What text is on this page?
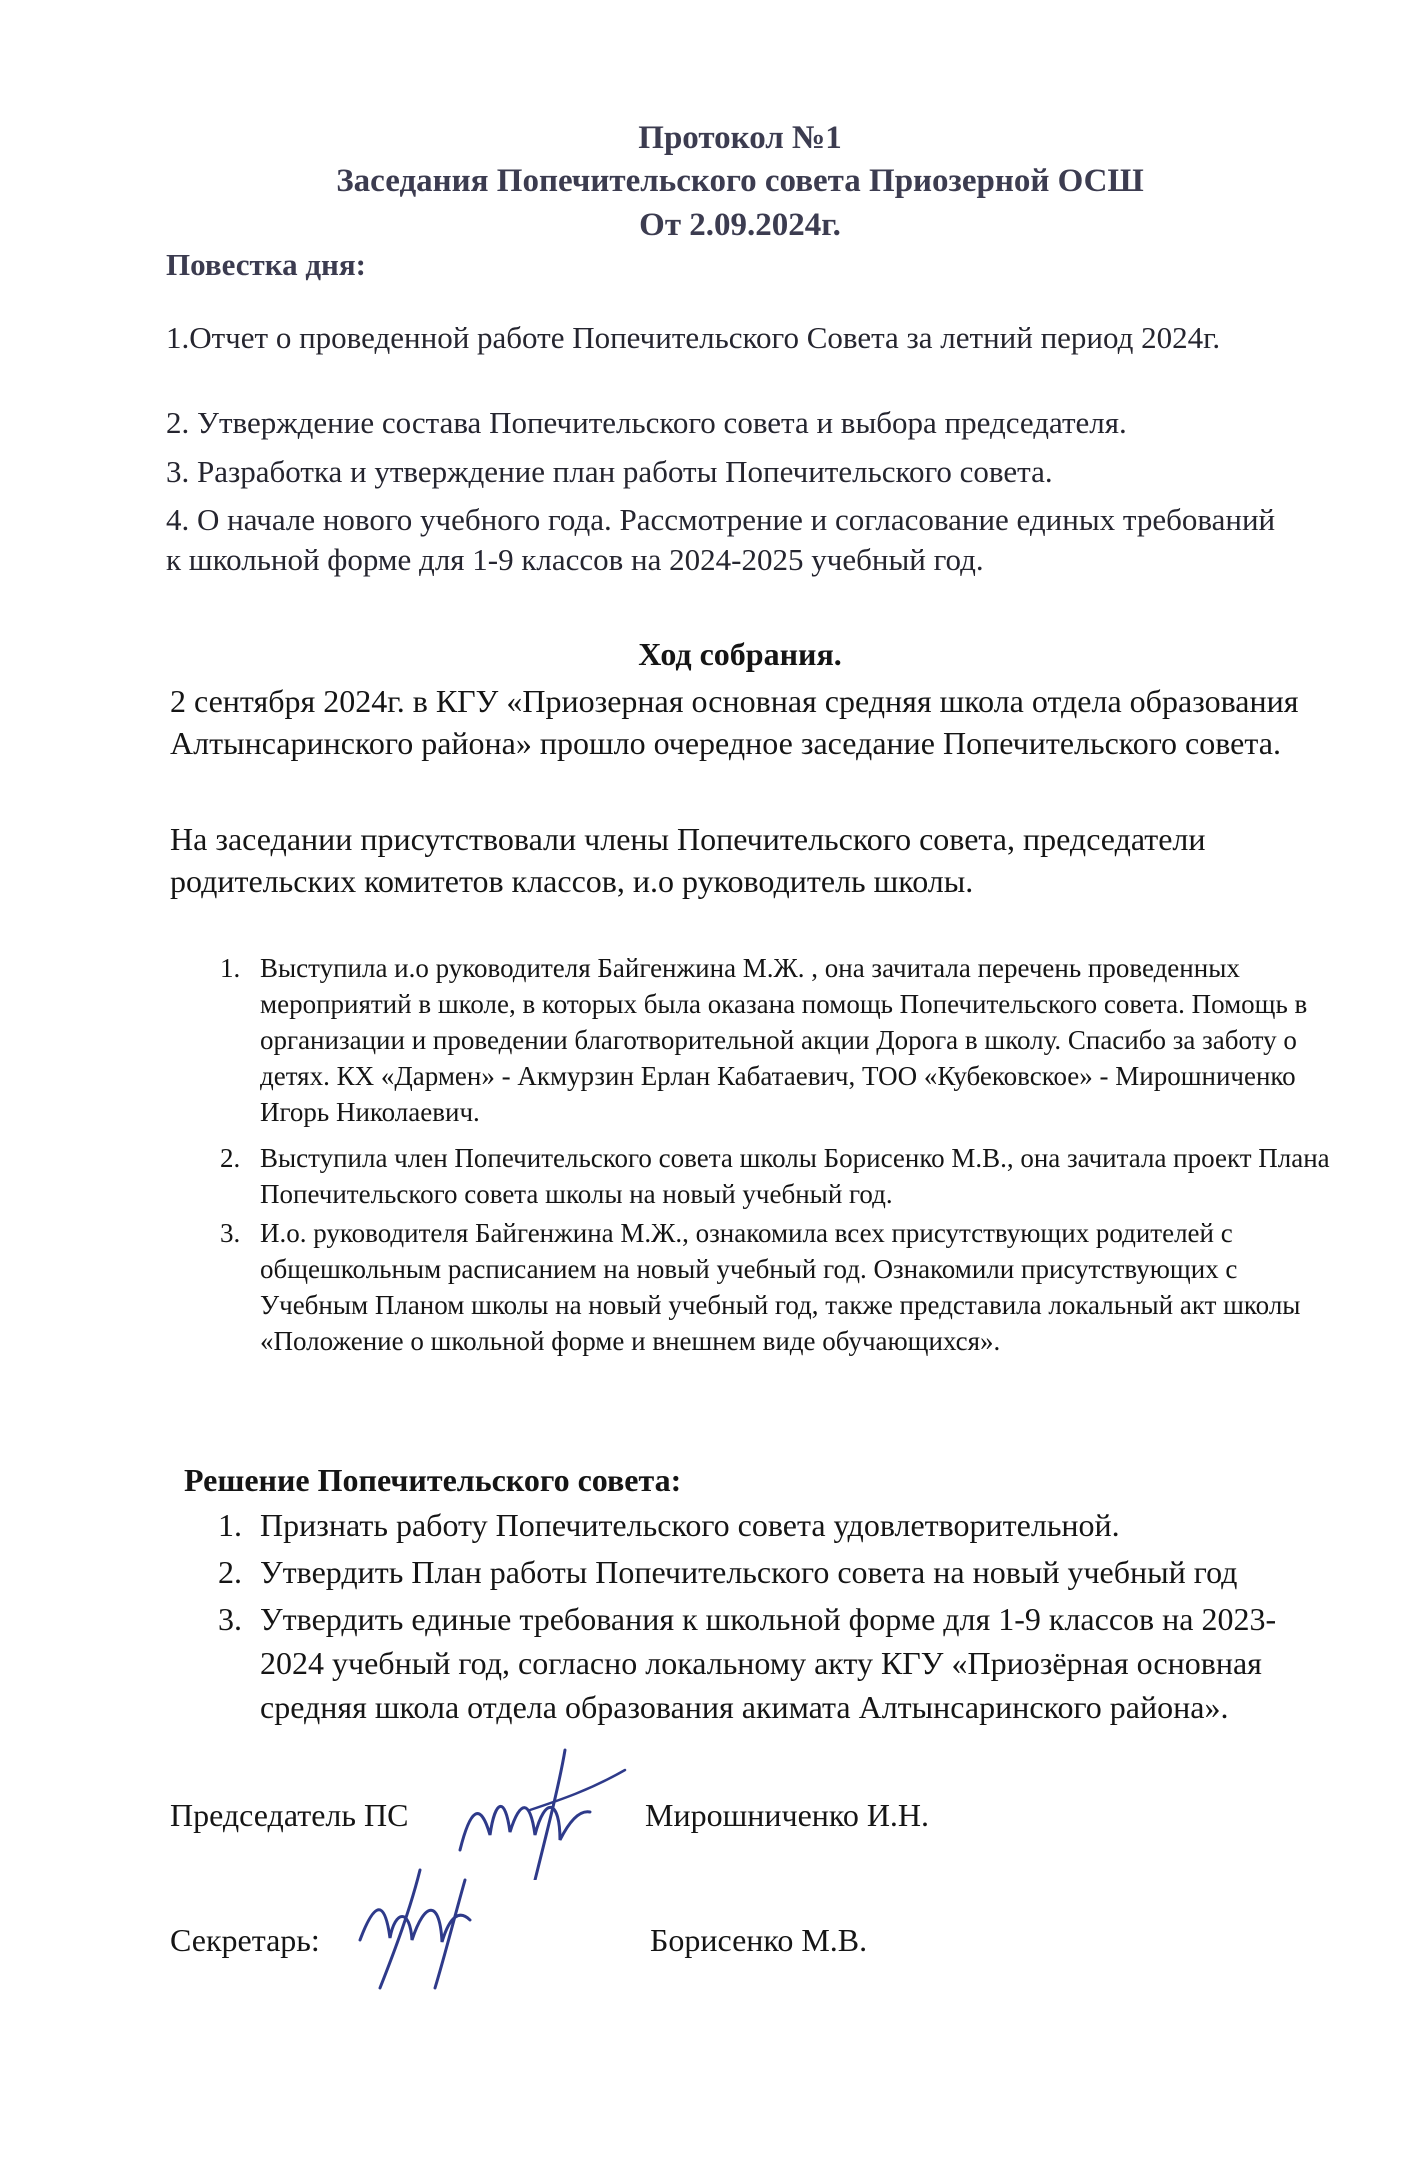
Протокол №1
Заседания Попечительского совета Приозерной ОСШ
От 2.09.2024г.
Повестка дня:
1.Отчет о проведенной работе Попечительского Совета за летний период 2024г.
2. Утверждение состава Попечительского совета и выбора председателя.
3. Разработка и утверждение план работы Попечительского совета.
4. О начале нового учебного года. Рассмотрение и согласование единых требований к школьной форме для 1-9 классов на 2024-2025 учебный год.
Ход собрания.
2 сентября 2024г. в КГУ «Приозерная основная средняя школа отдела образования Алтынсаринского района» прошло очередное заседание Попечительского совета.
На заседании присутствовали члены Попечительского совета, председатели родительских комитетов классов, и.о руководитель школы.
1. Выступила и.о руководителя Байгенжина М.Ж. , она зачитала перечень проведенных мероприятий в школе, в которых была оказана помощь Попечительского совета. Помощь в организации и проведении благотворительной акции Дорога в школу. Спасибо за заботу о детях. КХ «Дармен» - Акмурзин Ерлан Кабатаевич, ТОО «Кубековское» - Мирошниченко Игорь Николаевич.
2. Выступила член Попечительского совета школы Борисенко М.В., она зачитала проект Плана Попечительского совета школы на новый учебный год.
3. И.о. руководителя Байгенжина М.Ж., ознакомила всех присутствующих родителей с общешкольным расписанием на новый учебный год. Ознакомили присутствующих с Учебным Планом школы на новый учебный год, также представила локальный акт школы «Положение о школьной форме и внешнем виде обучающихся».
Решение Попечительского совета:
1. Признать работу Попечительского совета удовлетворительной.
2. Утвердить План работы Попечительского совета на новый учебный год
3. Утвердить единые требования к школьной форме для 1-9 классов на 2023-2024 учебный год, согласно локальному акту КГУ «Приозёрная основная средняя школа отдела образования акимата Алтынсаринского района».
Председатель ПС	Мирошниченко И.Н.
Секретарь:	Борисенко М.В.
